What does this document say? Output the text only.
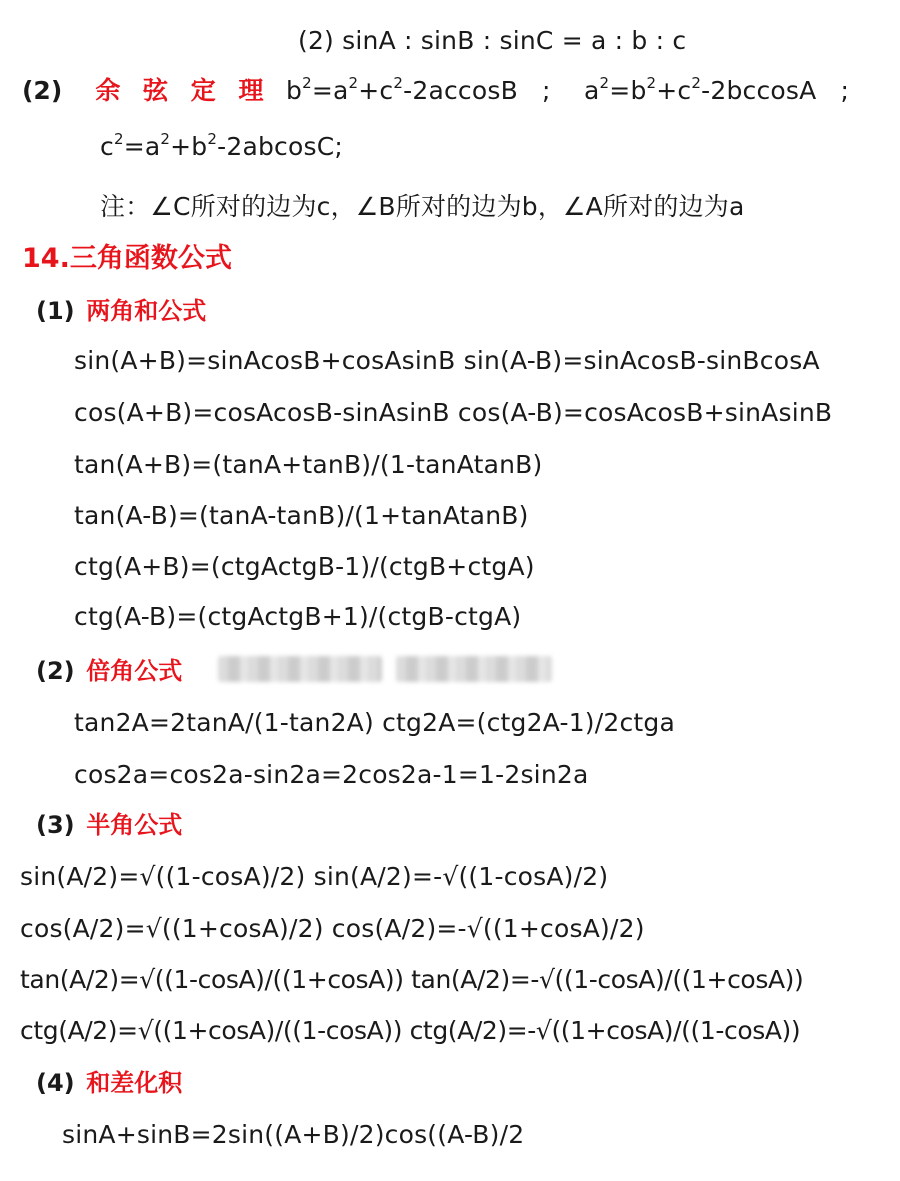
(2) sinA : sinB : sinC = a : b : c
(2) 余 弦 定 理 $b^2=a^2+c^2-2accosB$ ; $a^2=b^2+c^2-2bccosA$ ;
$c^2=a^2+b^2-2abcosC$;
注：∠C所对的边为c，∠B所对的边为b，∠A所对的边为a
14.三角函数公式
(1) 两角和公式
sin(A+B)=sinAcosB+cosAsinB sin(A-B)=sinAcosB-sinBcosA
cos(A+B)=cosAcosB-sinAsinB cos(A-B)=cosAcosB+sinAsinB
tan(A+B)=(tanA+tanB)/(1-tanAtanB)
tan(A-B)=(tanA-tanB)/(1+tanAtanB)
ctg(A+B)=(ctgActgB-1)/(ctgB+ctgA)
ctg(A-B)=(ctgActgB+1)/(ctgB-ctgA)
(2) 倍角公式
tan2A=2tanA/(1-tan2A) ctg2A=(ctg2A-1)/2ctga
cos2a=cos2a-sin2a=2cos2a-1=1-2sin2a
(3) 半角公式
sin(A/2)=√((1-cosA)/2) sin(A/2)=-√((1-cosA)/2)
cos(A/2)=√((1+cosA)/2) cos(A/2)=-√((1+cosA)/2)
tan(A/2)=√((1-cosA)/((1+cosA)) tan(A/2)=-√((1-cosA)/((1+cosA))
ctg(A/2)=√((1+cosA)/((1-cosA)) ctg(A/2)=-√((1+cosA)/((1-cosA))
(4) 和差化积
sinA+sinB=2sin((A+B)/2)cos((A-B)/2
